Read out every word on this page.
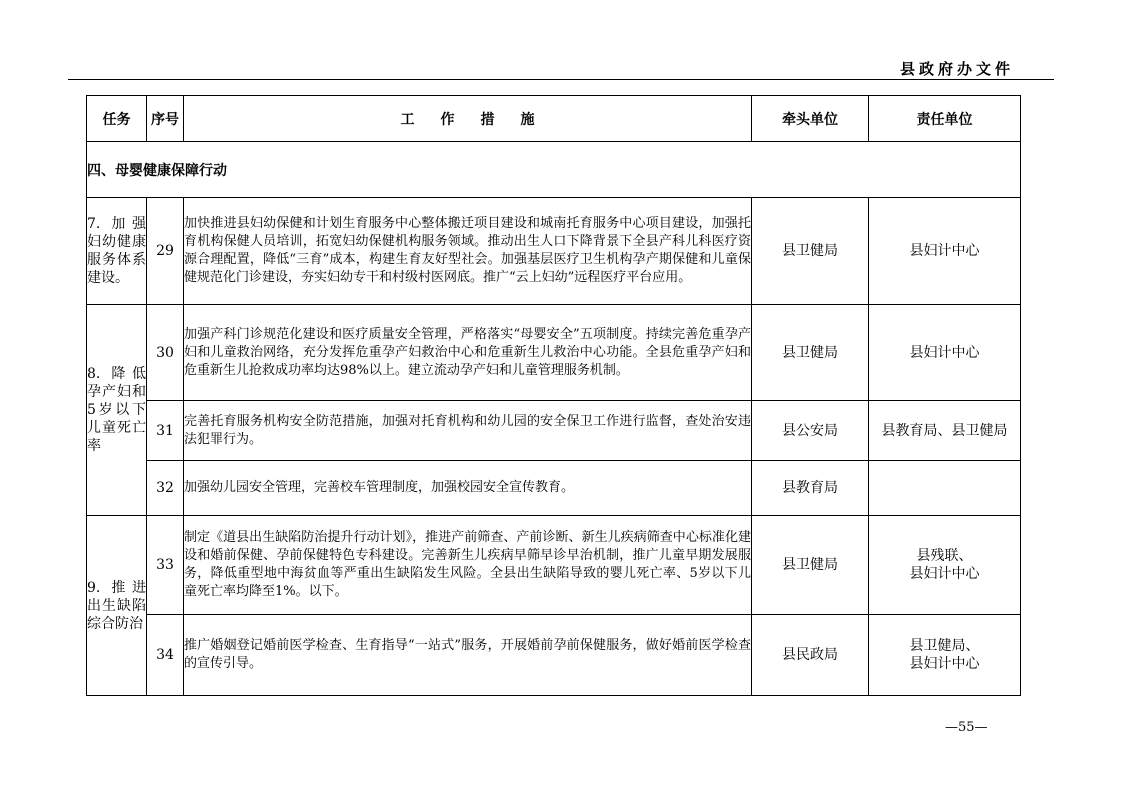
县政府办文件
任务	序号	工作措施	牵头单位	责任单位
四、母婴健康保障行动				
7. 加强妇幼健康服务体系建设。	29	加快推进县妇幼保健和计划生育服务中心整体搬迁项目建设和城南托育服务中心项目建设，加强托育机构保健人员培训，拓宽妇幼保健机构服务领域。推动出生人口下降背景下全县产科儿科医疗资源合理配置，降低“三育”成本，构建生育友好型社会。加强基层医疗卫生机构孕产期保健和儿童保健规范化门诊建设，夯实妇幼专干和村级村医网底。推广“云上妇幼”远程医疗平台应用。	县卫健局	县妇计中心

8. 降低孕产妇和5岁以下儿童死亡率	30	加强产科门诊规范化建设和医疗质量安全管理，严格落实“母婴安全”五项制度。持续完善危重孕产妇和儿童救治网络，充分发挥危重孕产妇救治中心和危重新生儿救治中心功能。全县危重孕产妇和危重新生儿抢救成功率均达98%以上。建立流动孕产妇和儿童管理服务机制。	县卫健局	县妇计中心

	31	完善托育服务机构安全防范措施，加强对托育机构和幼儿园的安全保卫工作进行监督，查处治安违法犯罪行为。	县公安局	县教育局、县卫健局

	32	加强幼儿园安全管理，完善校车管理制度，加强校园安全宣传教育。	县教育局	
9. 推进出生缺陷综合防治	33	制定《道县出生缺陷防治提升行动计划》，推进产前筛查、产前诊断、新生儿疾病筛查中心标准化建设和婚前保健、孕前保健特色专科建设。完善新生儿疾病早筛早诊早治机制，推广儿童早期发展服务，降低重型地中海贫血等严重出生缺陷发生风险。全县出生缺陷导致的婴儿死亡率、5岁以下儿童死亡率均降至1%。以下。	县卫健局	县残联、
县妇计中心

	34	推广婚姻登记婚前医学检查、生育指导“一站式”服务，开展婚前孕前保健服务，做好婚前医学检查的宣传引导。	县民政局	县卫健局、
县妇计中心
—55—
